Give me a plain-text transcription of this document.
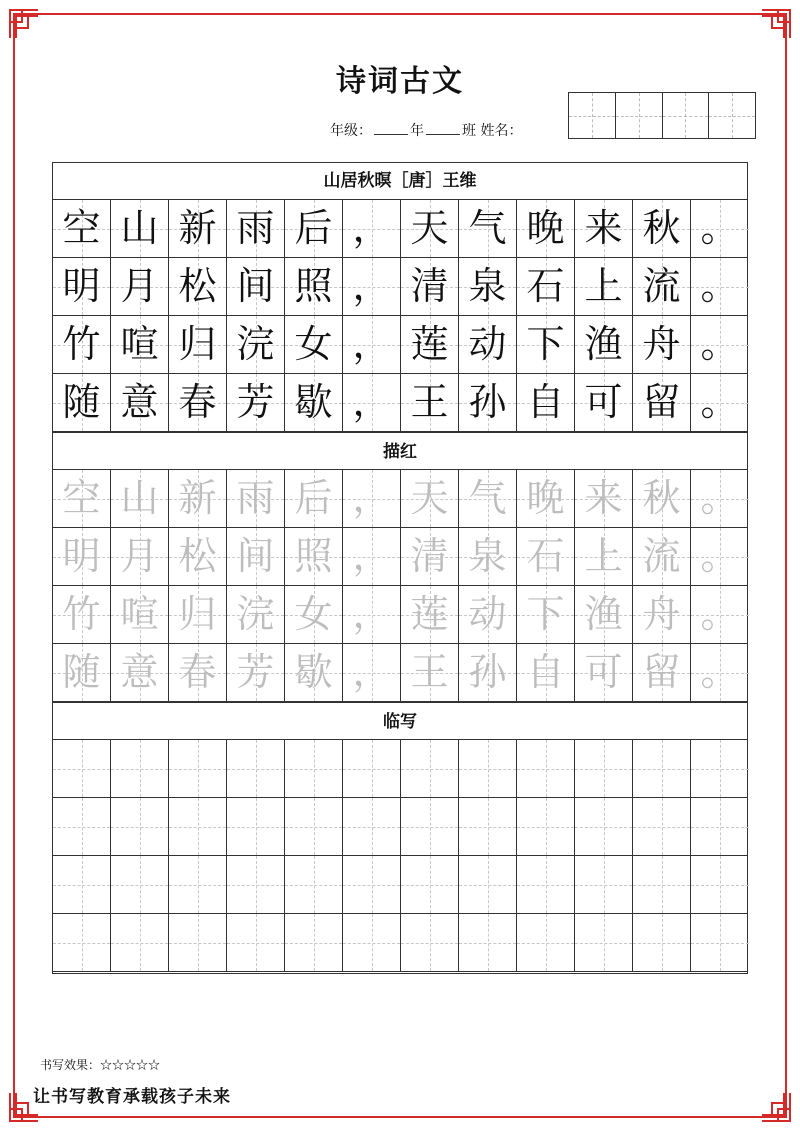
诗词古文
年级：	年	班 姓名：
山居秋暝［唐］王维
空 山 新 雨 后 ， 天 气 晚 来 秋 。
明 月 松 间 照 ， 清 泉 石 上 流 。
竹 喧 归 浣 女 ， 莲 动 下 渔 舟 。
随 意 春 芳 歇 ， 王 孙 自 可 留 。
描红
空 山 新 雨 后 ， 天 气 晚 来 秋 。
明 月 松 间 照 ， 清 泉 石 上 流 。
竹 喧 归 浣 女 ， 莲 动 下 渔 舟 。
随 意 春 芳 歇 ， 王 孙 自 可 留 。
临写
书写效果：☆☆☆☆☆
让书写教育承载孩子未来
